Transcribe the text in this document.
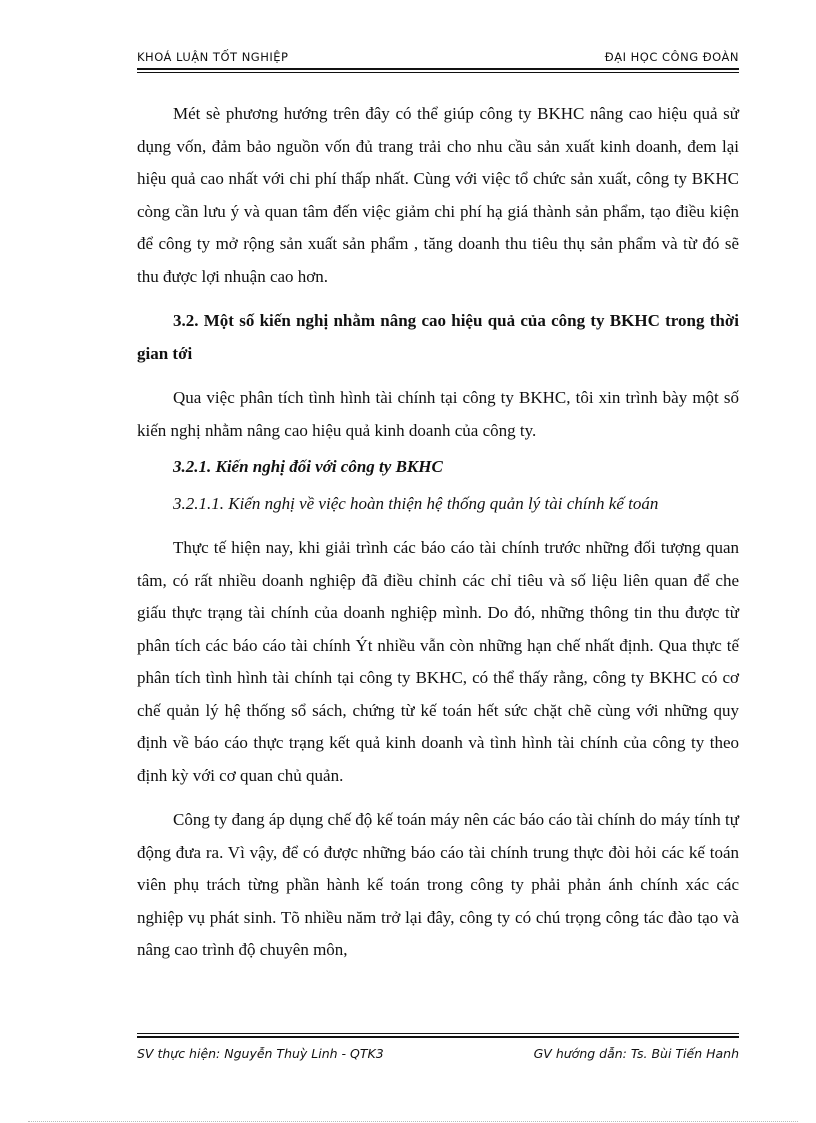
KHOÁ LUẬN TỐT NGHIỆP	ĐẠI HỌC CÔNG ĐOÀN

Mét sè phương hướng trên đây có thể giúp công ty BKHC nâng cao hiệu quả sử dụng vốn, đảm bảo nguồn vốn đủ trang trải cho nhu cầu sản xuất kinh doanh, đem lại hiệu quả cao nhất với chi phí thấp nhất. Cùng với việc tổ chức sản xuất, công ty BKHC còng cần lưu ý và quan tâm đến việc giảm chi phí hạ giá thành sản phẩm, tạo điều kiện để công ty mở rộng sản xuất sản phẩm , tăng doanh thu tiêu thụ sản phẩm và từ đó sẽ thu được lợi nhuận cao hơn.

3.2. Một số kiến nghị nhằm nâng cao hiệu quả của công ty BKHC trong thời gian tới

Qua việc phân tích tình hình tài chính tại công ty BKHC, tôi xin trình bày một số kiến nghị nhằm nâng cao hiệu quả kinh doanh của công ty.

3.2.1. Kiến nghị đối với công ty BKHC

3.2.1.1. Kiến nghị về việc hoàn thiện hệ thống quản lý tài chính kế toán

Thực tế hiện nay, khi giải trình các báo cáo tài chính trước những đối tượng quan tâm, có rất nhiều doanh nghiệp đã điều chỉnh các chỉ tiêu và số liệu liên quan để che giấu thực trạng tài chính của doanh nghiệp mình. Do đó, những thông tin thu được từ phân tích các báo cáo tài chính Ýt nhiều vẫn còn những hạn chế nhất định. Qua thực tế phân tích tình hình tài chính tại công ty BKHC, có thể thấy rằng, công ty BKHC có cơ chế quản lý hệ thống sổ sách, chứng từ kế toán hết sức chặt chẽ cùng với những quy định về báo cáo thực trạng kết quả kinh doanh và tình hình tài chính của công ty theo định kỳ với cơ quan chủ quản.

Công ty đang áp dụng chế độ kế toán máy nên các báo cáo tài chính do máy tính tự động đưa ra. Vì vậy, để có được những báo cáo tài chính trung thực đòi hỏi các kế toán viên phụ trách từng phần hành kế toán trong công ty phải phản ánh chính xác các nghiệp vụ phát sinh. Tõ nhiều năm trở lại đây, công ty có chú trọng công tác đào tạo và nâng cao trình độ chuyên môn,

SV thực hiện: Nguyễn Thuỳ Linh - QTK3	GV hướng dẫn: Ts. Bùi Tiến Hanh
